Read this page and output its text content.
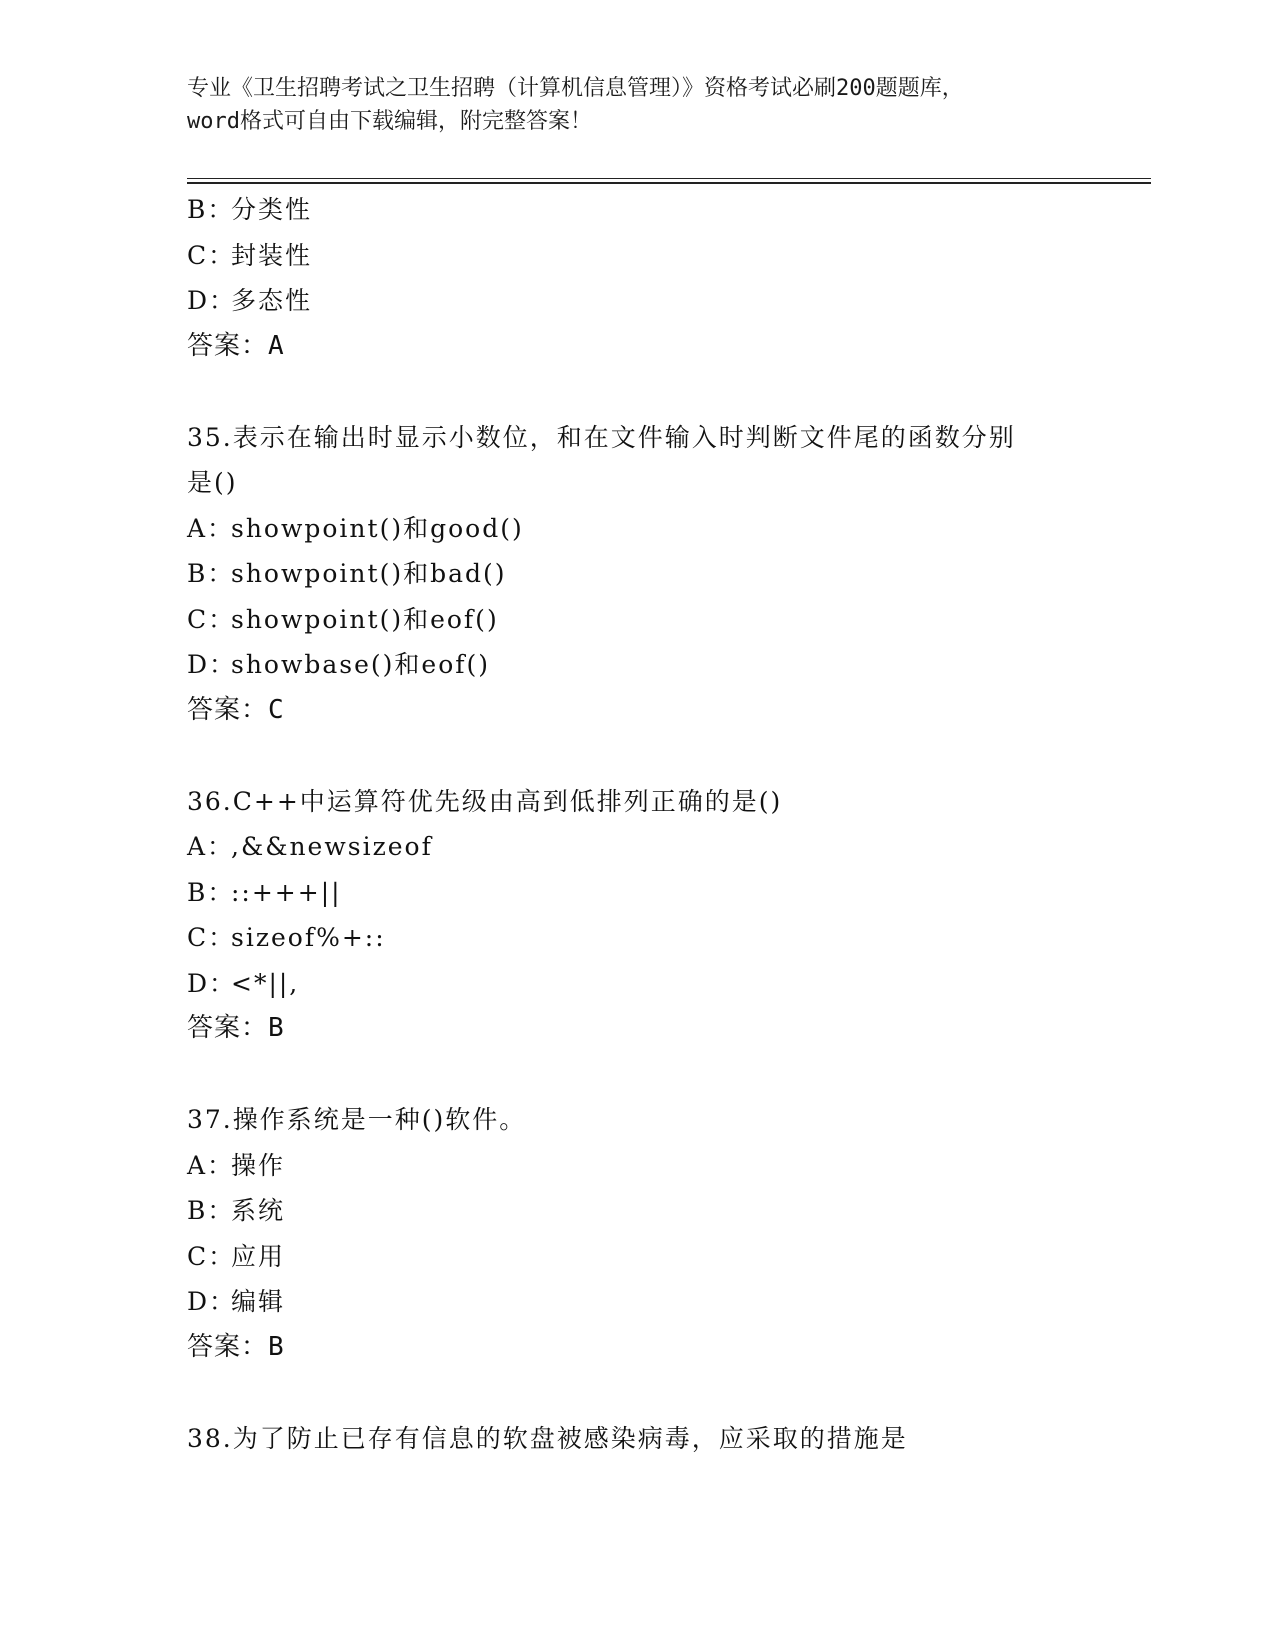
专业《卫生招聘考试之卫生招聘（计算机信息管理）》资格考试必刷200题题库，
word格式可自由下载编辑，附完整答案！
B：分类性
C：封装性
D：多态性
答案：A
35.表示在输出时显示小数位，和在文件输入时判断文件尾的函数分别
是()
A：showpoint()和good()
B：showpoint()和bad()
C：showpoint()和eof()
D：showbase()和eof()
答案：C
36.C++中运算符优先级由高到低排列正确的是()
A：,&&newsizeof
B：::+++||
C：sizeof%+::
D：<*||,
答案：B
37.操作系统是一种()软件。
A：操作
B：系统
C：应用
D：编辑
答案：B
38.为了防止已存有信息的软盘被感染病毒，应采取的措施是
